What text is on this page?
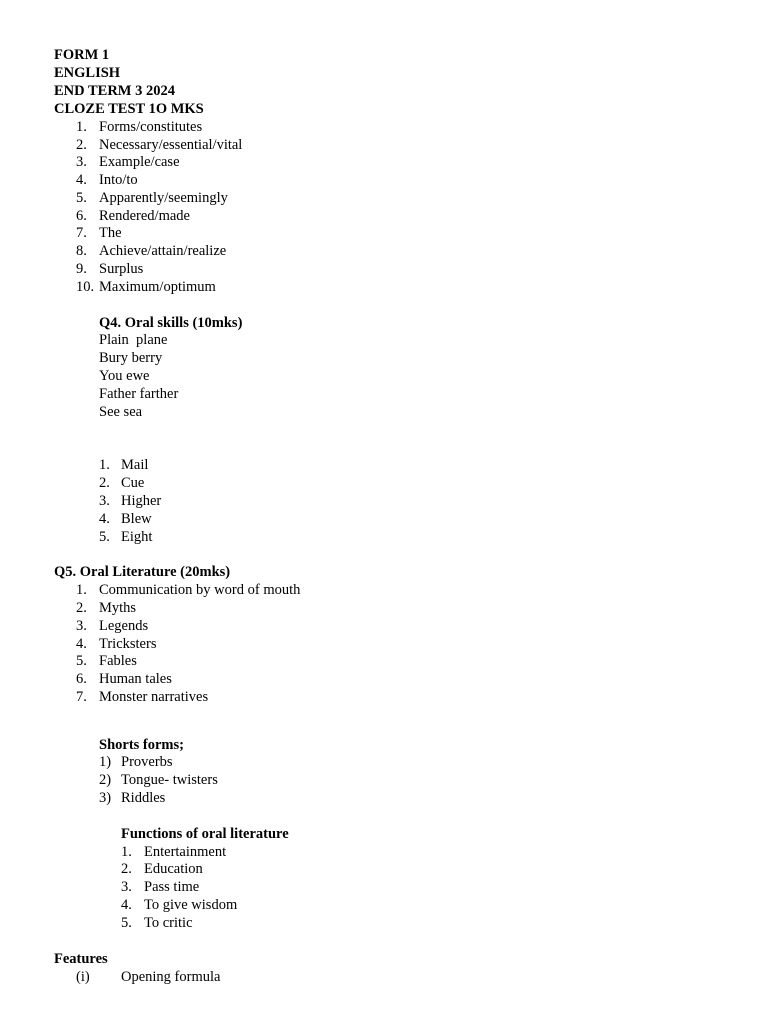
FORM 1
ENGLISH
END TERM 3 2024
CLOZE TEST 1O MKS
1. Forms/constitutes
2. Necessary/essential/vital
3. Example/case
4. Into/to
5. Apparently/seemingly
6. Rendered/made
7. The
8. Achieve/attain/realize
9. Surplus
10. Maximum/optimum
Q4. Oral skills (10mks)
Plain  plane
Bury berry
You ewe
Father farther
See sea
1. Mail
2. Cue
3. Higher
4. Blew
5. Eight
Q5. Oral Literature (20mks)
1. Communication by word of mouth
2. Myths
3. Legends
4. Tricksters
5. Fables
6. Human tales
7. Monster narratives
Shorts forms;
1) Proverbs
2) Tongue- twisters
3) Riddles
Functions of oral literature
1. Entertainment
2. Education
3. Pass time
4. To give wisdom
5. To critic
Features
(i) Opening formula
